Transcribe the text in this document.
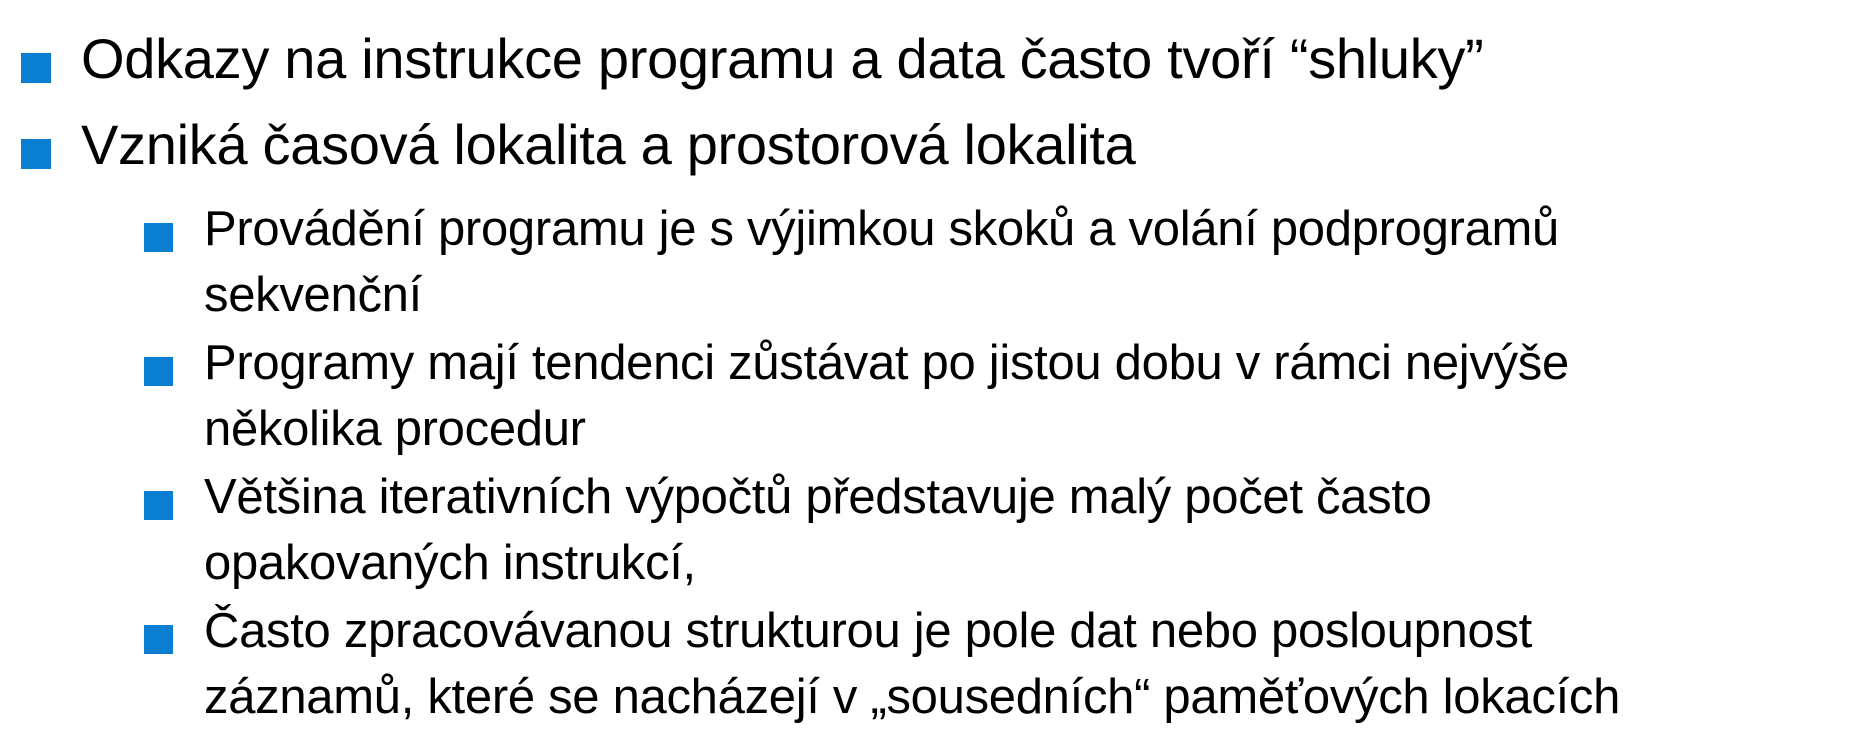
Odkazy na instrukce programu a data často tvoří “shluky”
Vzniká časová lokalita a prostorová lokalita
Provádění programu je s výjimkou skoků a volání podprogramů
sekvenční
Programy mají tendenci zůstávat po jistou dobu v rámci nejvýše
několika procedur
Většina iterativních výpočtů představuje malý počet často
opakovaných instrukcí,
Často zpracovávanou strukturou je pole dat nebo posloupnost
záznamů, které se nacházejí v „sousedních“ paměťových lokacích
